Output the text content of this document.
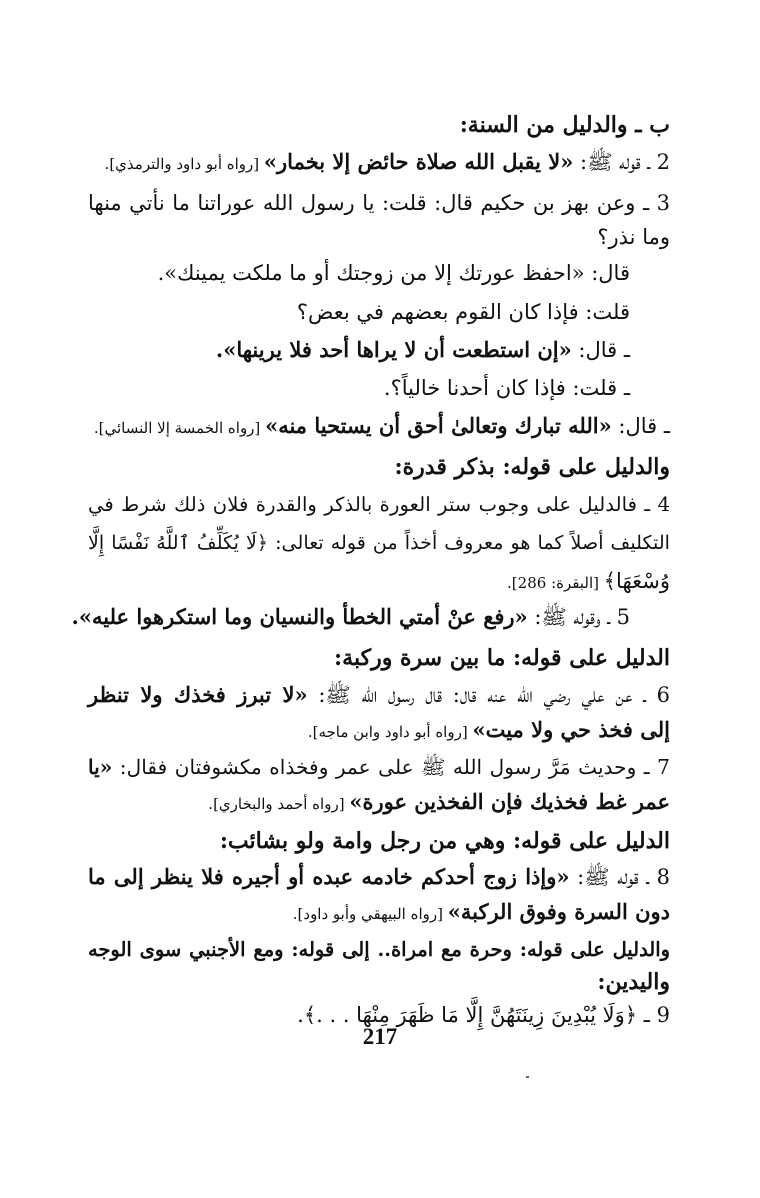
ب ـ والدليل من السنة:
2 ـ قوله ﷺ: «لا يقبل الله صلاة حائض إلا بخمار» [رواه أبو داود والترمذي].
3 ـ وعن بهز بن حكيم قال: قلت: يا رسول الله عوراتنا ما نأتي منها
وما نذر؟
قال: «احفظ عورتك إلا من زوجتك أو ما ملكت يمينك».
قلت: فإذا كان القوم بعضهم في بعض؟
ـ قال: «إن استطعت أن لا يراها أحد فلا يرينها».
ـ قلت: فإذا كان أحدنا خالياً؟.
ـ قال: «الله تبارك وتعالىٰ أحق أن يستحيا منه» [رواه الخمسة إلا النسائي].
والدليل على قوله: بذكر قدرة:
4 ـ فالدليل على وجوب ستر العورة بالذكر والقدرة فلان ذلك شرط في
التكليف أصلاً كما هو معروف أخذاً من قوله تعالى: ﴿لَا يُكَلِّفُ ٱللَّهُ نَفْسًا إِلَّا
وُسْعَهَا﴾ [البقرة: 286].
5 ـ وقوله ﷺ: «رفع عنْ أمتي الخطأ والنسيان وما استكرهوا عليه».
الدليل على قوله: ما بين سرة وركبة:
6 ـ عن علي رضي الله عنه قال: قال رسول الله ﷺ: «لا تبرز فخذك ولا تنظر
إلى فخذ حي ولا ميت» [رواه أبو داود وابن ماجه].
7 ـ وحديث مَرَّ رسول الله ﷺ على عمر وفخذاه مكشوفتان فقال: «يا
عمر غط فخذيك فإن الفخذين عورة» [رواه أحمد والبخاري].
الدليل على قوله: وهي من رجل وامة ولو بشائب:
8 ـ قوله ﷺ: «وإذا زوج أحدكم خادمه عبده أو أجيره فلا ينظر إلى ما
دون السرة وفوق الركبة» [رواه البيهقي وأبو داود].
والدليل على قوله: وحرة مع امراة.. إلى قوله: ومع الأجنبي سوى الوجه
واليدين:
9 ـ ﴿وَلَا يُبْدِينَ زِينَتَهُنَّ إِلَّا مَا ظَهَرَ مِنْهَا . . .﴾.
217
